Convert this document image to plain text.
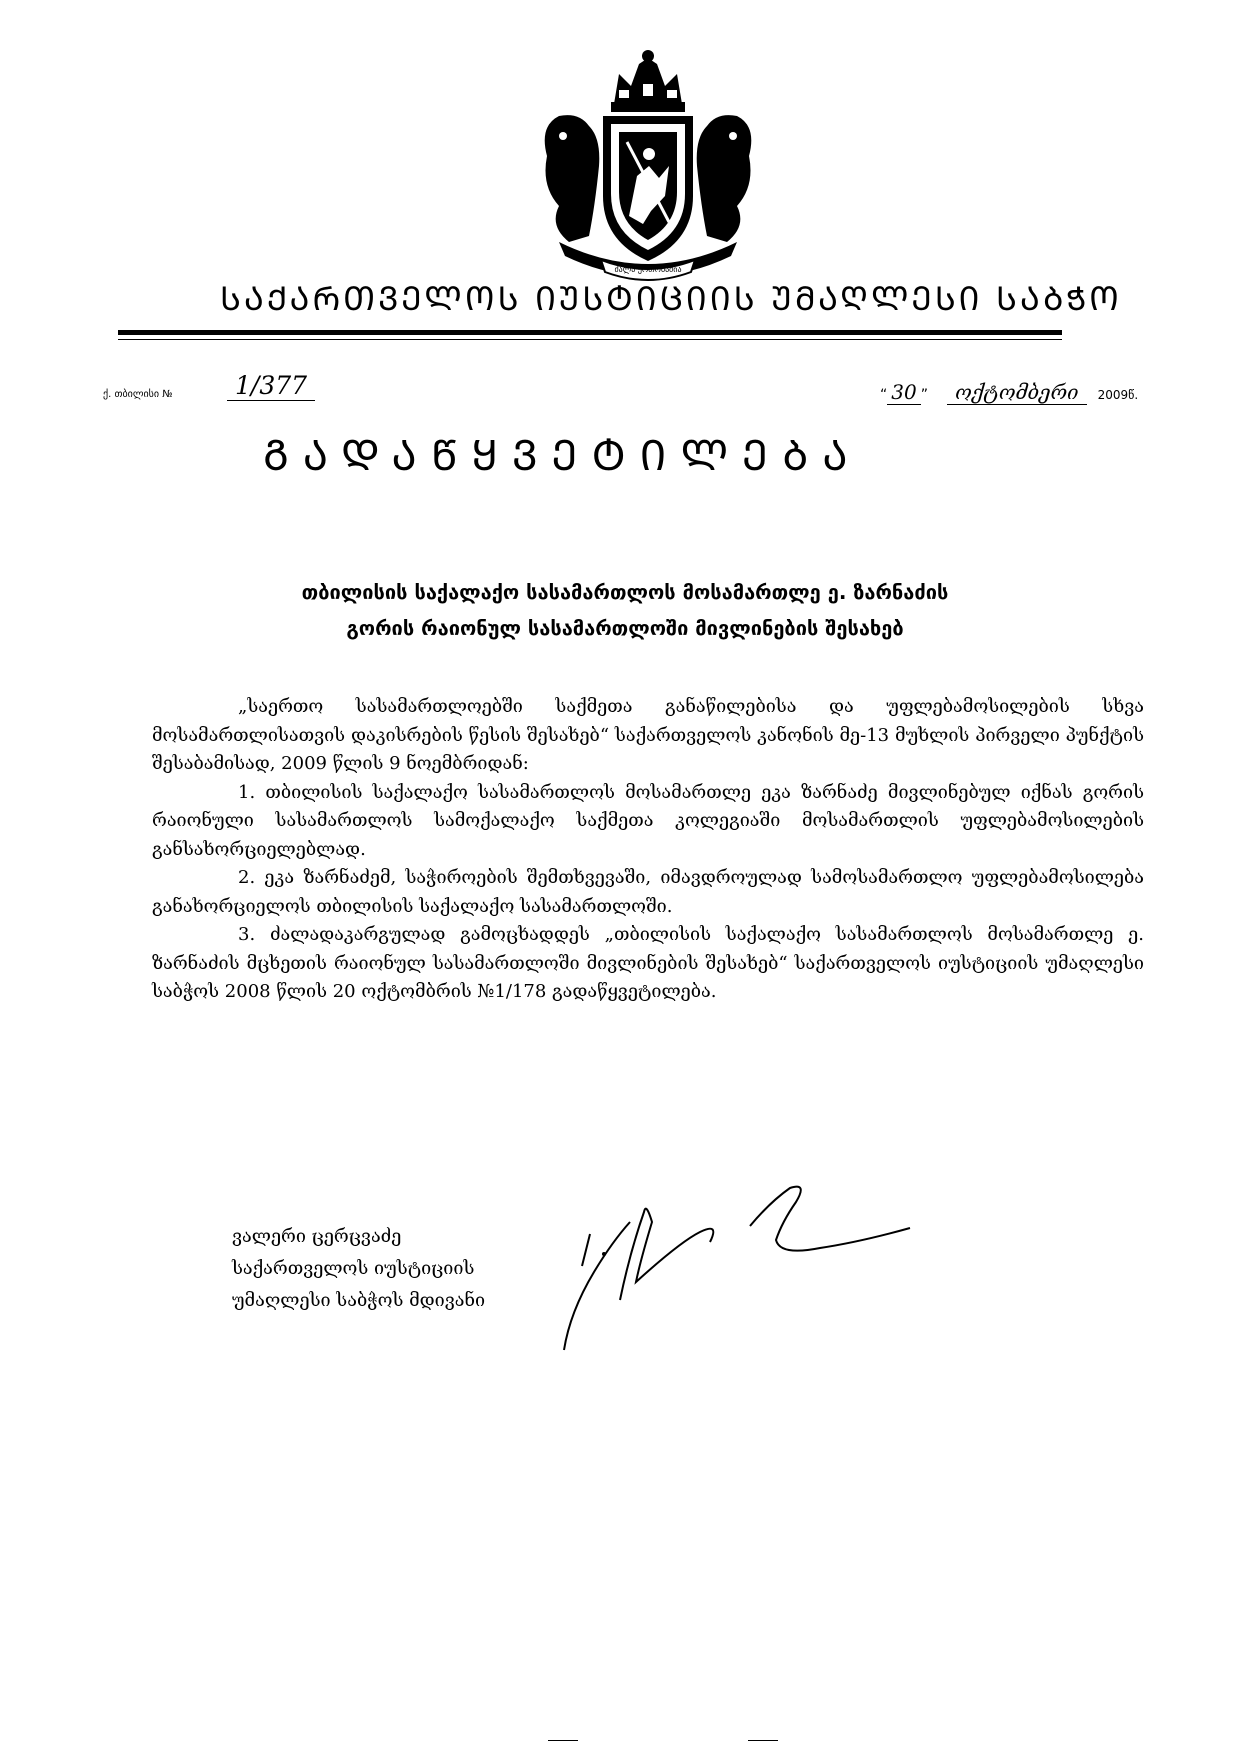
ძალა ერთობაშია
ᲡᲐᲥᲐᲠᲗᲕᲔᲚᲝᲡ ᲘᲣᲡᲢᲘᲪᲘᲘᲡ ᲣᲛᲐᲦᲚᲔᲡᲘ ᲡᲐᲑᲭᲝ
ქ. თბილისი №	1/377	“ 30 ” ოქტომბერი 2009წ.
ᲒᲐᲓᲐᲬᲧᲕᲔᲢᲘᲚᲔᲑᲐ
თბილისის საქალაქო სასამართლოს მოსამართლე ე. ზარნაძის
გორის რაიონულ სასამართლოში მივლინების შესახებ

„საერთო სასამართლოებში საქმეთა განაწილებისა და უფლებამოსილების სხვა მოსამართლისათვის დაკისრების წესის შესახებ“ საქართველოს კანონის მე-13 მუხლის პირველი პუნქტის შესაბამისად, 2009 წლის 9 ნოემბრიდან:

1. თბილისის საქალაქო სასამართლოს მოსამართლე ეკა ზარნაძე მივლინებულ იქნას გორის რაიონული სასამართლოს სამოქალაქო საქმეთა კოლეგიაში მოსამართლის უფლებამოსილების განსახორციელებლად.

2. ეკა ზარნაძემ, საჭიროების შემთხვევაში, იმავდროულად სამოსამართლო უფლებამოსილება განახორციელოს თბილისის საქალაქო სასამართლოში.

3. ძალადაკარგულად გამოცხადდეს „თბილისის საქალაქო სასამართლოს მოსამართლე ე. ზარნაძის მცხეთის რაიონულ სასამართლოში მივლინების შესახებ“ საქართველოს იუსტიციის უმაღლესი საბჭოს 2008 წლის 20 ოქტომბრის №1/178 გადაწყვეტილება.

ვალერი ცერცვაძე
საქართველოს იუსტიციის
უმაღლესი საბჭოს მდივანი
